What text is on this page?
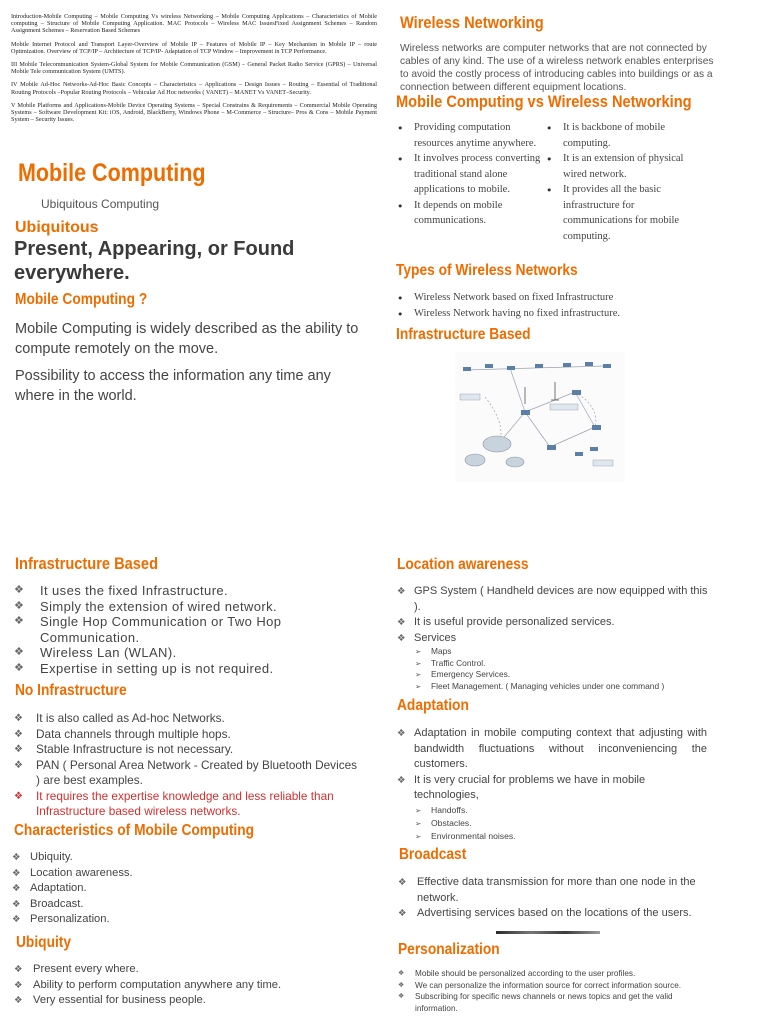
Introduction-Mobile Computing – Mobile Computing Vs wireless Networking – Mobile Computing Applications – Characteristics of Mobile computing – Structure of Mobile Computing Application. MAC Protocols – Wireless MAC IssuesFixed Assignment Schemes – Random Assignment Schemes – Reservation Based Schemes

Mobile Internet Protocol and Transport Layer-Overview of Mobile IP – Features of Mobile IP – Key Mechanism in Mobile IP – route Optimization. Overview of TCP/IP – Architecture of TCP/IP- Adaptation of TCP Window – Improvement in TCP Performance.

III Mobile Telecommunication System-Global System for Mobile Communication (GSM) – General Packet Radio Service (GPRS) – Universal Mobile Tele communication System (UMTS).

IV Mobile Ad-Hoc Networks-Ad-Hoc Basic Concepts – Characteristics – Applications – Design Issues – Routing – Essential of Traditional Routing Protocols –Popular Routing Protocols – Vehicular Ad Hoc networks ( VANET) – MANET Vs VANET–Security.

V Mobile Platforms and Applications-Mobile Device Operating Systems – Special Constrains & Requirements – Commercial Mobile Operating Systems – Software Development Kit: iOS, Android, BlackBerry, Windows Phone – M-Commerce – Structure– Pros & Cons – Mobile Payment System – Security Issues.

Mobile Computing
Ubiquitous Computing
Ubiquitous
Present, Appearing, or Found everywhere.
Mobile Computing ?

Mobile Computing is widely described as the ability to compute remotely on the move.

Possibility to access the information any time any where in the world.

Wireless Networking

Wireless networks are computer networks that are not connected by cables of any kind. The use of a wireless network enables enterprises to avoid the costly process of introducing cables into buildings or as a connection between different equipment locations.

Mobile Computing vs Wireless Networking
● Providing computation resources anytime anywhere.
● It involves process converting traditional stand alone applications to mobile.
● It depends on mobile communications.
● It is backbone of mobile computing.
● It is an extension of physical wired network.
● It provides all the basic infrastructure for communications for mobile computing.
Types of Wireless Networks
● Wireless Network based on fixed Infrastructure
● Wireless Network having no fixed infrastructure.
Infrastructure Based
Infrastructure Based
❖ It uses the fixed Infrastructure.
❖ Simply the extension of wired network.
❖ Single Hop Communication or Two Hop Communication.
❖ Wireless Lan (WLAN).
❖ Expertise in setting up is not required.
No Infrastructure
❖ It is also called as Ad-hoc Networks.
❖ Data channels through multiple hops.
❖ Stable Infrastructure is not necessary.
❖ PAN ( Personal Area Network - Created by Bluetooth Devices ) are best examples.
❖ It requires the expertise knowledge and less reliable than Infrastructure based wireless networks.
Characteristics of Mobile Computing
❖ Ubiquity.
❖ Location awareness.
❖ Adaptation.
❖ Broadcast.
❖ Personalization.
Ubiquity
❖ Present every where.
❖ Ability to perform computation anywhere any time.
❖ Very essential for business people.
Location awareness
❖ GPS System ( Handheld devices are now equipped with this ).
❖ It is useful provide personalized services.
❖ Services
➢ Maps
➢ Traffic Control.
➢ Emergency Services.
➢ Fleet Management. ( Managing vehicles under one command )
Adaptation
❖ Adaptation in mobile computing context that adjusting with bandwidth fluctuations without inconveniencing the customers.
❖ It is very crucial for problems we have in mobile technologies,
➢ Handoffs.
➢ Obstacles.
➢ Environmental noises.
Broadcast
❖ Effective data transmission for more than one node in the network.
❖ Advertising services based on the locations of the users.
Personalization
❖ Mobile should be personalized according to the user profiles.
❖ We can personalize the information source for correct information source.
❖ Subscribing for specific news channels or news topics and get the valid information.
